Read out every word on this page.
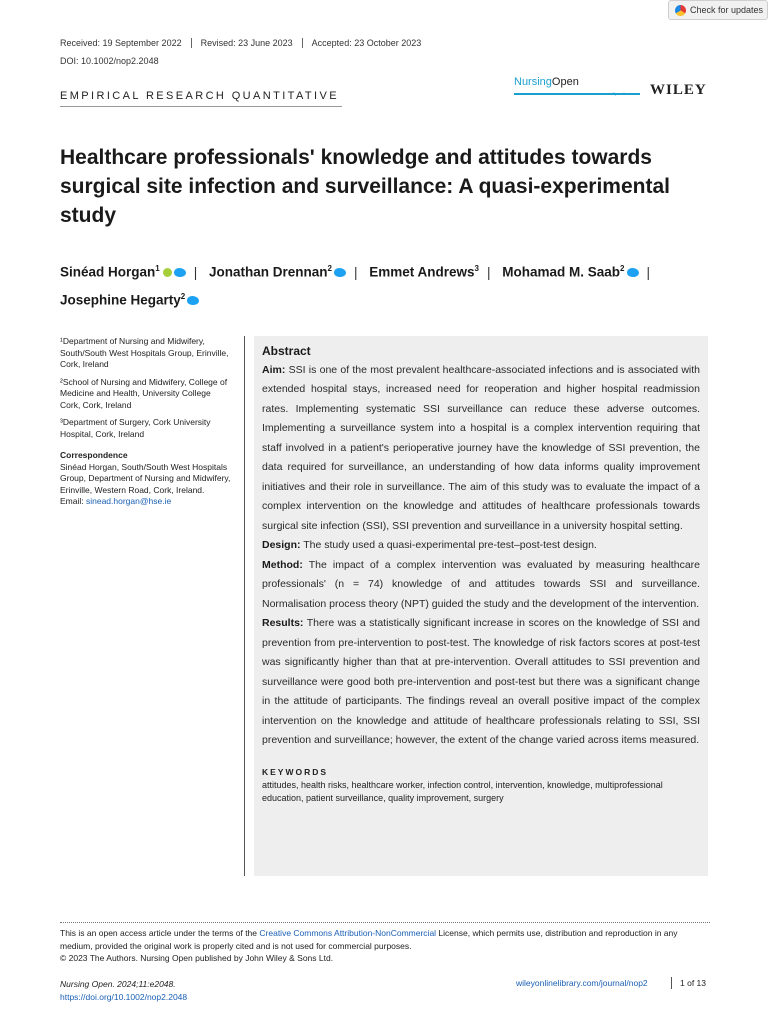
Check for updates
Received: 19 September 2022	Revised: 23 June 2023	Accepted: 23 October 2023
DOI: 10.1002/nop2.2048
EMPIRICAL RESEARCH QUANTITATIVE
NursingOpen
Open Access WILEY
Healthcare professionals' knowledge and attitudes towards surgical site infection and surveillance: A quasi-experimental study
Sinéad Horgan$^1$	| Jonathan Drennan$^2$ | Emmet Andrews$^3$ | Mohamad M. Saab$^2$ |
Josephine Hegarty$^2$

¹Department of Nursing and Midwifery, South/South West Hospitals Group, Erinville, Cork, Ireland

²School of Nursing and Midwifery, College of Medicine and Health, University College Cork, Cork, Ireland

³Department of Surgery, Cork University Hospital, Cork, Ireland

Correspondence

Sinéad Horgan, South/South West Hospitals Group, Department of Nursing and Midwifery, Erinville, Western Road, Cork, Ireland.
Email: sinead.horgan@hse.ie

Abstract

Aim: SSI is one of the most prevalent healthcare-associated infections and is associated with extended hospital stays, increased need for reoperation and higher hospital readmission rates. Implementing systematic SSI surveillance can reduce these adverse outcomes. Implementing a surveillance system into a hospital is a complex intervention requiring that staff involved in a patient's perioperative journey have the knowledge of SSI prevention, the data required for surveillance, an understanding of how data informs quality improvement initiatives and their role in surveillance. The aim of this study was to evaluate the impact of a complex intervention on the knowledge and attitudes of healthcare professionals towards surgical site infection (SSI), SSI prevention and surveillance in a university hospital setting.

Design: The study used a quasi-experimental pre-test–post-test design.

Method: The impact of a complex intervention was evaluated by measuring healthcare professionals' (n = 74) knowledge of and attitudes towards SSI and surveillance. Normalisation process theory (NPT) guided the study and the development of the intervention.

Results: There was a statistically significant increase in scores on the knowledge of SSI and prevention from pre-intervention to post-test. The knowledge of risk factors scores at post-test was significantly higher than that at pre-intervention. Overall attitudes to SSI prevention and surveillance were good both pre-intervention and post-test but there was a significant change in the attitude of participants. The findings reveal an overall positive impact of the complex intervention on the knowledge and attitude of healthcare professionals relating to SSI, SSI prevention and surveillance; however, the extent of the change varied across items measured.

KEYWORDS
attitudes, health risks, healthcare worker, infection control, intervention, knowledge, multiprofessional education, patient surveillance, quality improvement, surgery
This is an open access article under the terms of the Creative Commons Attribution-NonCommercial License, which permits use, distribution and reproduction in any medium, provided the original work is properly cited and is not used for commercial purposes.
© 2023 The Authors. Nursing Open published by John Wiley & Sons Ltd.
Nursing Open. 2024;11:e2048.
https://doi.org/10.1002/nop2.2048
wileyonlinelibrary.com/journal/nop2	1 of 13
